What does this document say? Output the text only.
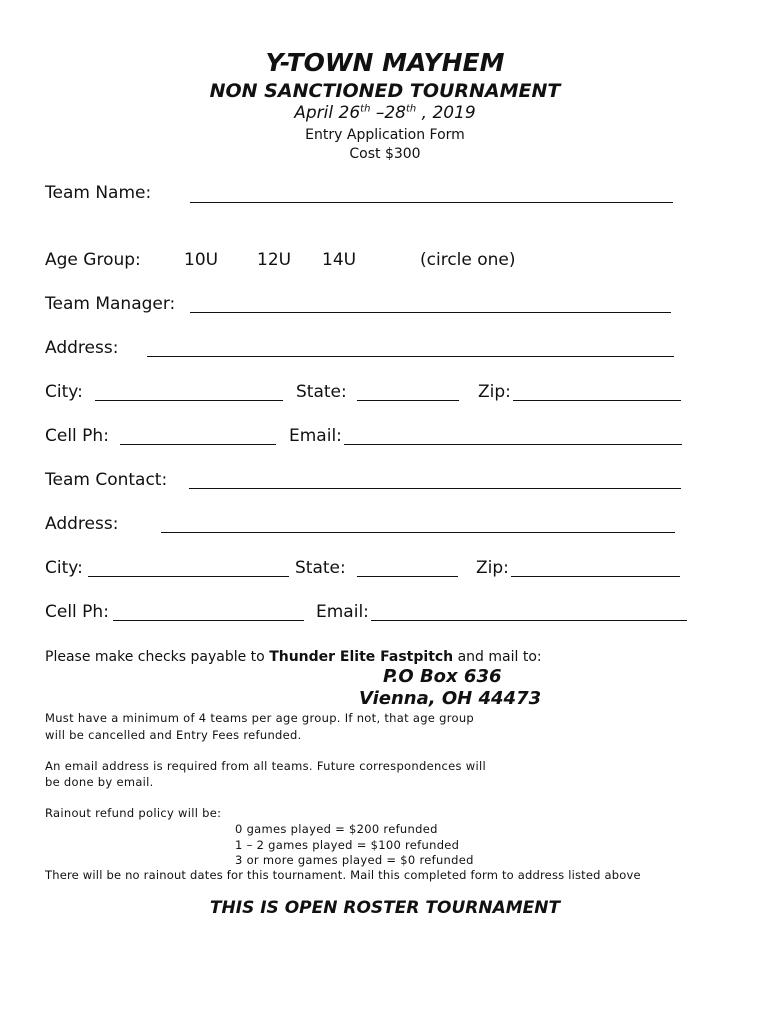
Y-TOWN MAYHEM
NON SANCTIONED TOURNAMENT
April 26th –28th , 2019
Entry Application Form
Cost $300
Team Name:
Age Group:	10U 12U 14U	(circle one)
Team Manager:
Address:
City:	State:	Zip:
Cell Ph:	Email:
Team Contact:
Address:
City:	State:	Zip:
Cell Ph:	Email:
Please make checks payable to Thunder Elite Fastpitch and mail to:
P.O Box 636
Vienna, OH 44473
Must have a minimum of 4 teams per age group. If not, that age group
will be cancelled and Entry Fees refunded.
An email address is required from all teams. Future correspondences will
be done by email.
Rainout refund policy will be:
0 games played = $200 refunded
1 – 2 games played = $100 refunded
3 or more games played = $0 refunded
There will be no rainout dates for this tournament. Mail this completed form to address listed above
THIS IS OPEN ROSTER TOURNAMENT
